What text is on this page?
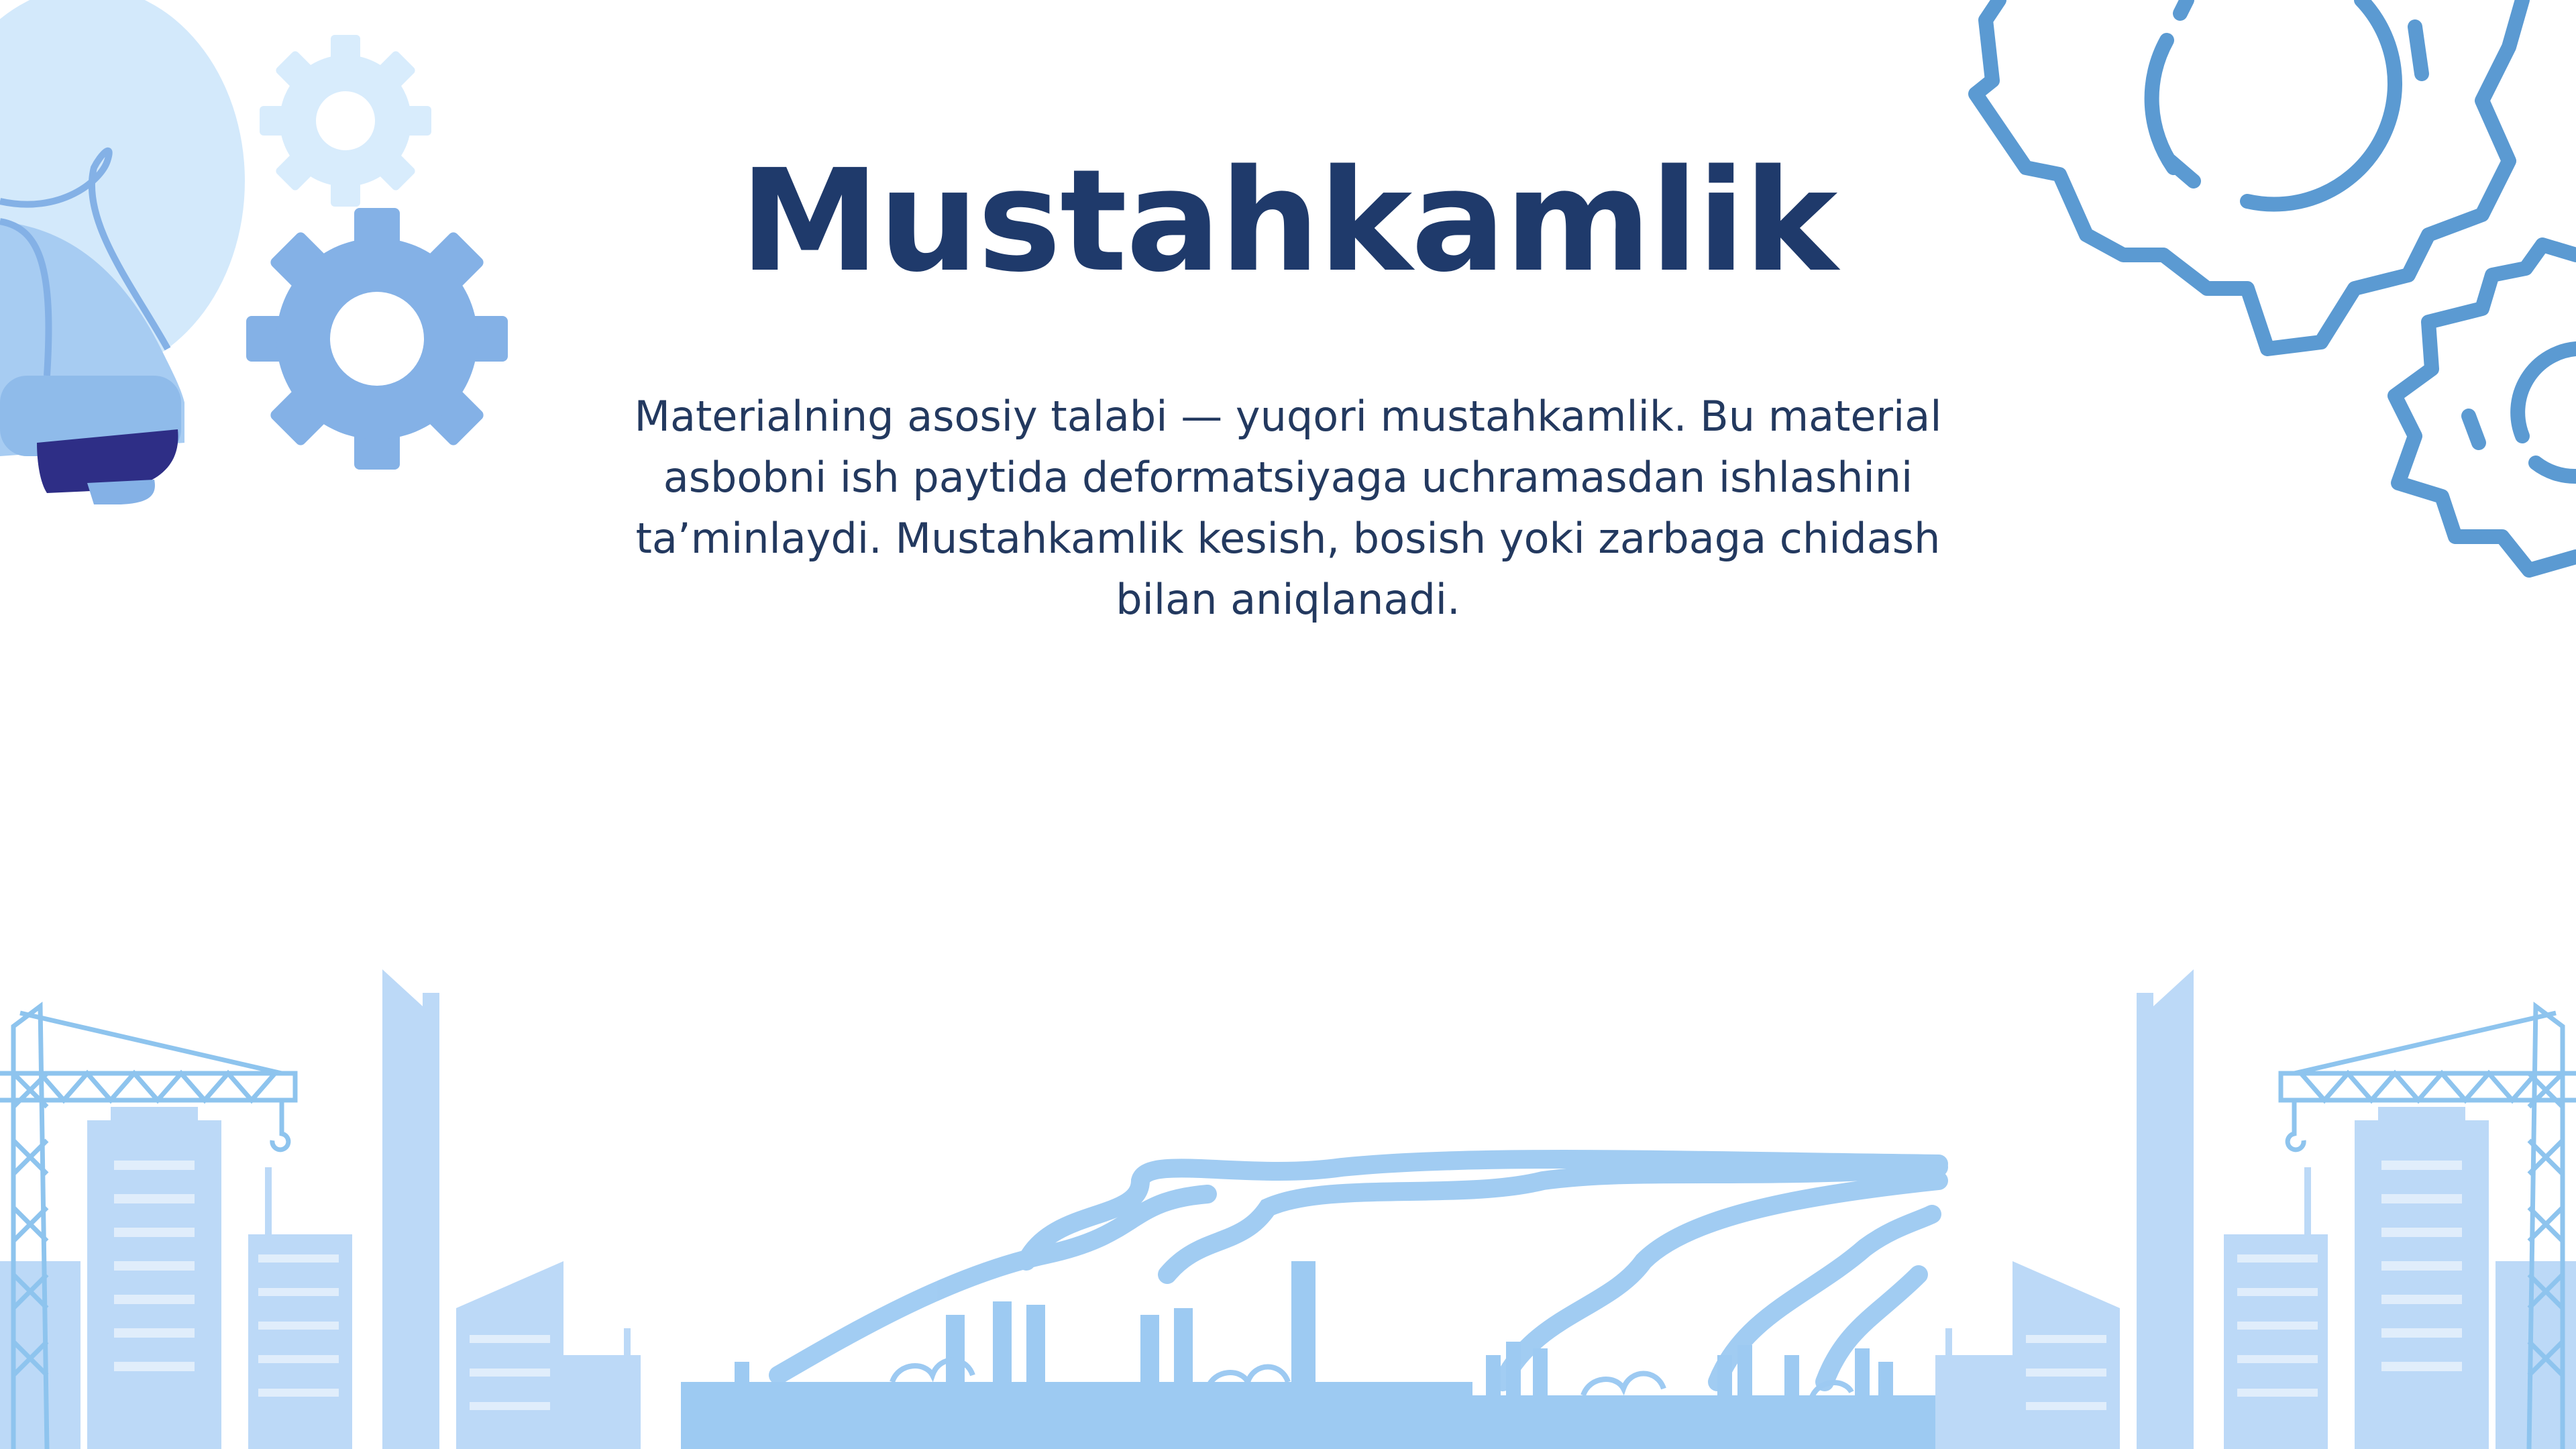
Mustahkamlik

Materialning asosiy talabi — yuqori mustahkamlik. Bu material asbobni ish paytida deformatsiyaga uchramasdan ishlashini ta’minlaydi. Mustahkamlik kesish, bosish yoki zarbaga chidash bilan aniqlanadi.
